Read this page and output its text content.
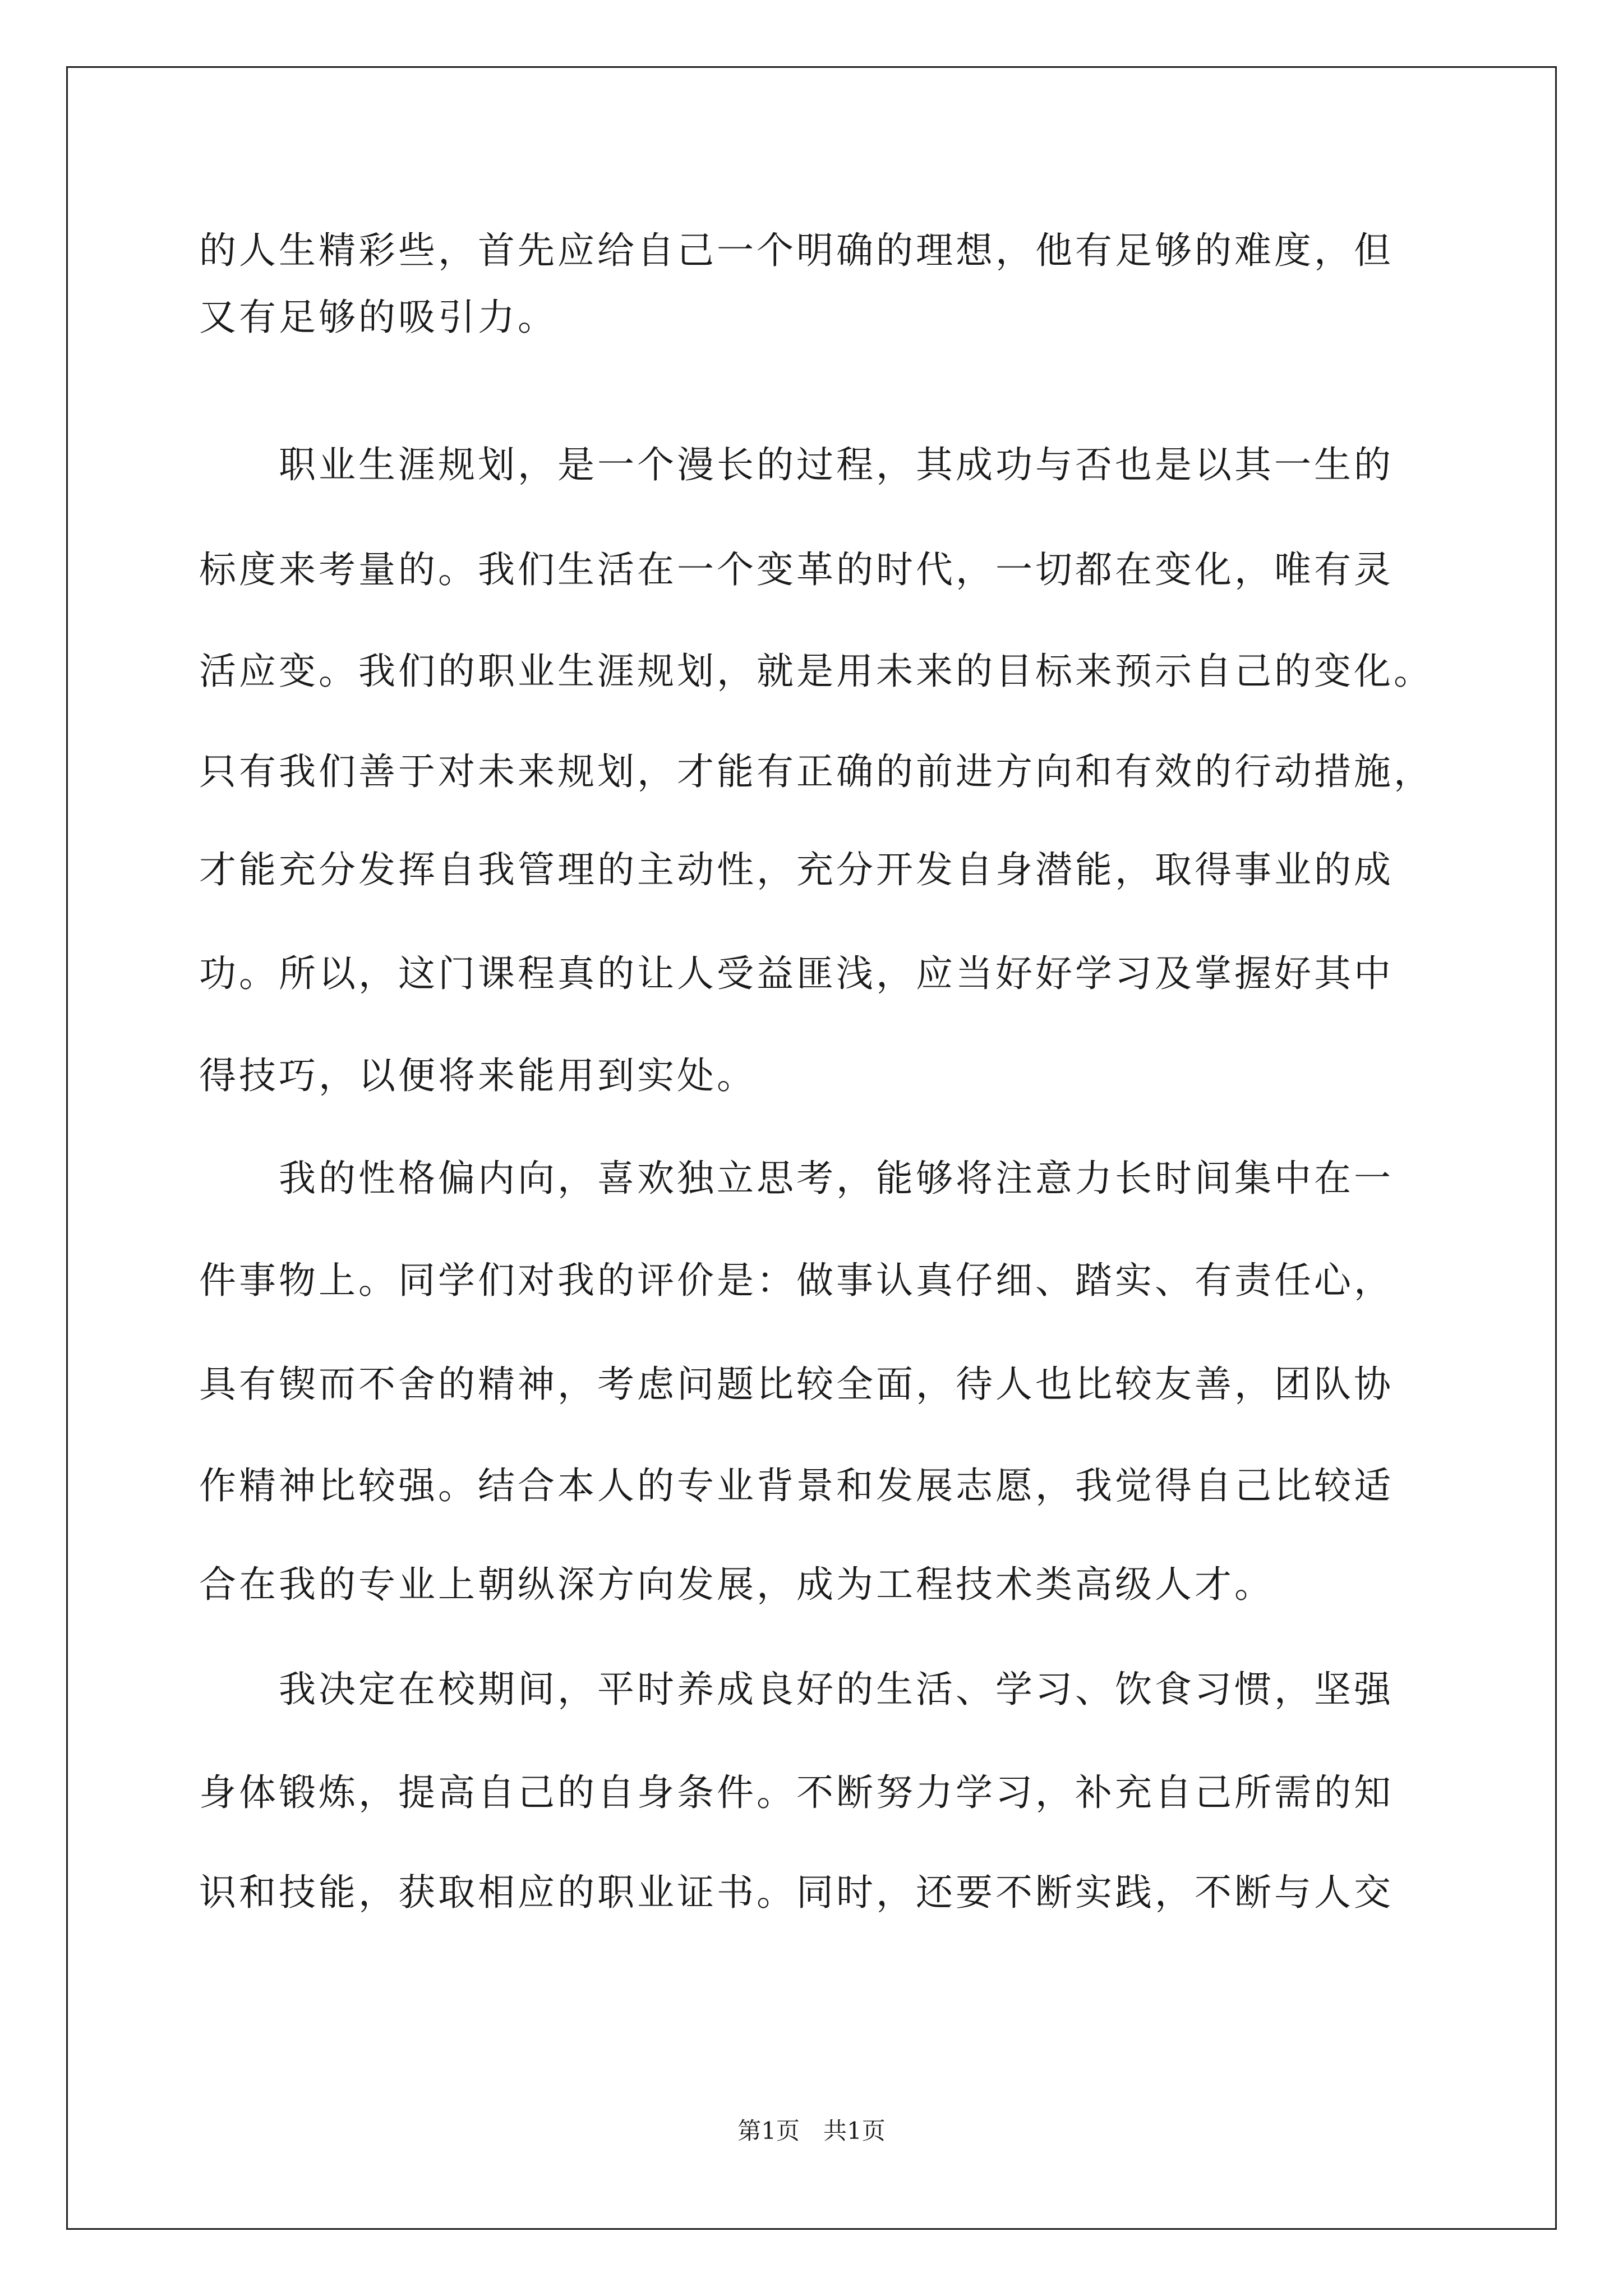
的人生精彩些，首先应给自己一个明确的理想，他有足够的难度，但
又有足够的吸引力。
　　职业生涯规划，是一个漫长的过程，其成功与否也是以其一生的
标度来考量的。我们生活在一个变革的时代，一切都在变化，唯有灵
活应变。我们的职业生涯规划，就是用未来的目标来预示自己的变化。
只有我们善于对未来规划，才能有正确的前进方向和有效的行动措施，
才能充分发挥自我管理的主动性，充分开发自身潜能，取得事业的成
功。所以，这门课程真的让人受益匪浅，应当好好学习及掌握好其中
得技巧，以便将来能用到实处。
　　我的性格偏内向，喜欢独立思考，能够将注意力长时间集中在一
件事物上。同学们对我的评价是：做事认真仔细、踏实、有责任心，
具有锲而不舍的精神，考虑问题比较全面，待人也比较友善，团队协
作精神比较强。结合本人的专业背景和发展志愿，我觉得自己比较适
合在我的专业上朝纵深方向发展，成为工程技术类高级人才。
　　我决定在校期间，平时养成良好的生活、学习、饮食习惯，坚强
身体锻炼，提高自己的自身条件。不断努力学习，补充自己所需的知
识和技能，获取相应的职业证书。同时，还要不断实践，不断与人交
第1页 共1页
